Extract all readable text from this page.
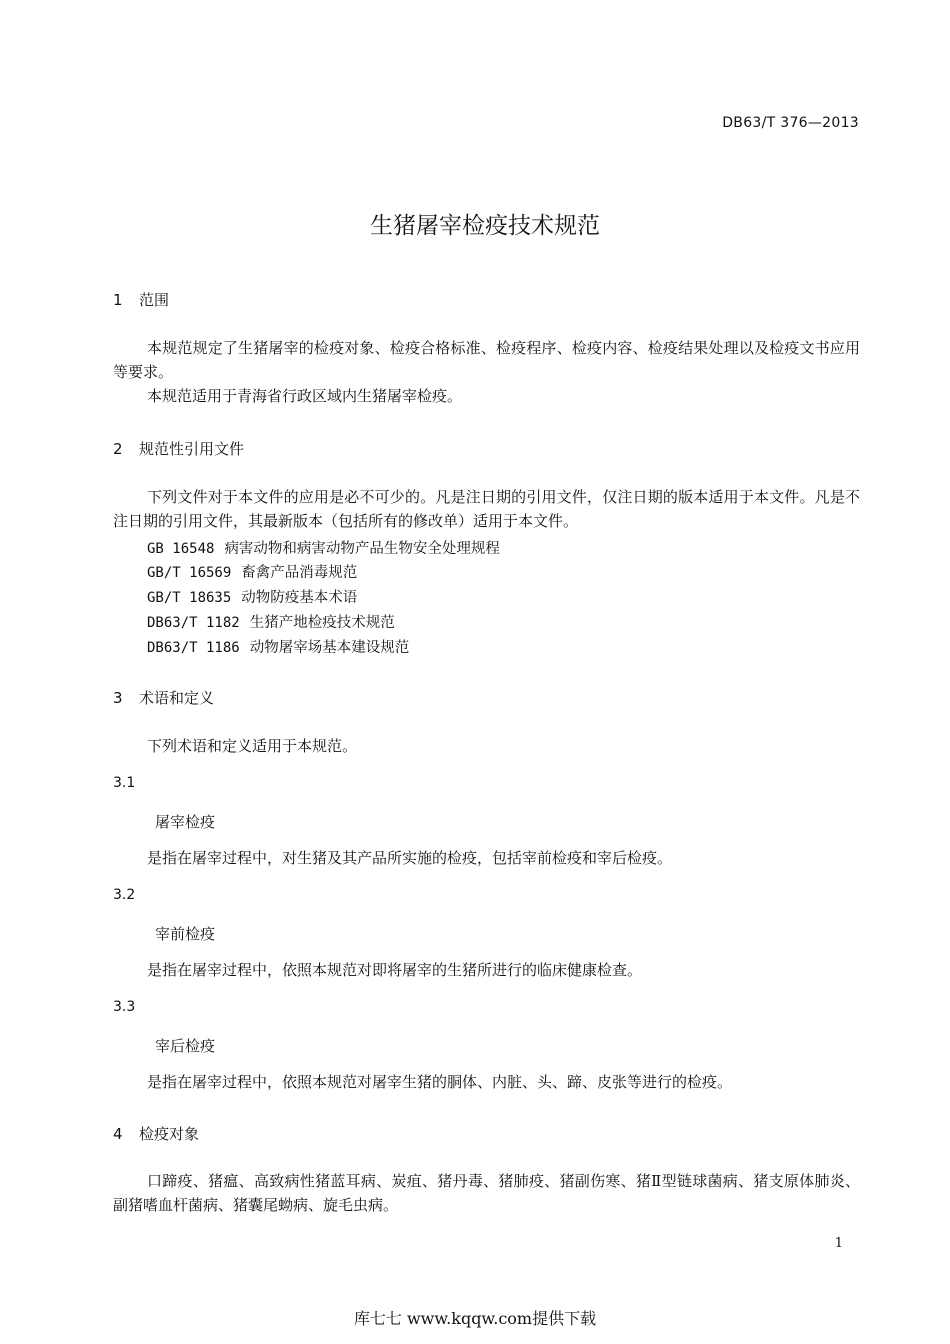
DB63/T 376—2013
生猪屠宰检疫技术规范
1 范围

本规范规定了生猪屠宰的检疫对象、检疫合格标准、检疫程序、检疫内容、检疫结果处理以及检疫文书应用等要求。

本规范适用于青海省行政区域内生猪屠宰检疫。

2 规范性引用文件

下列文件对于本文件的应用是必不可少的。凡是注日期的引用文件，仅注日期的版本适用于本文件。凡是不注日期的引用文件，其最新版本（包括所有的修改单）适用于本文件。

GB 16548 病害动物和病害动物产品生物安全处理规程
GB/T 16569 畜禽产品消毒规范
GB/T 18635 动物防疫基本术语
DB63/T 1182 生猪产地检疫技术规范
DB63/T 1186 动物屠宰场基本建设规范
3 术语和定义

下列术语和定义适用于本规范。

3.1
屠宰检疫

是指在屠宰过程中，对生猪及其产品所实施的检疫，包括宰前检疫和宰后检疫。

3.2
宰前检疫

是指在屠宰过程中，依照本规范对即将屠宰的生猪所进行的临床健康检查。

3.3
宰后检疫

是指在屠宰过程中，依照本规范对屠宰生猪的胴体、内脏、头、蹄、皮张等进行的检疫。

4 检疫对象

口蹄疫、猪瘟、高致病性猪蓝耳病、炭疽、猪丹毒、猪肺疫、猪副伤寒、猪Ⅱ型链球菌病、猪支原体肺炎、副猪嗜血杆菌病、猪囊尾蚴病、旋毛虫病。

1
库七七 www.kqqw.com提供下载
